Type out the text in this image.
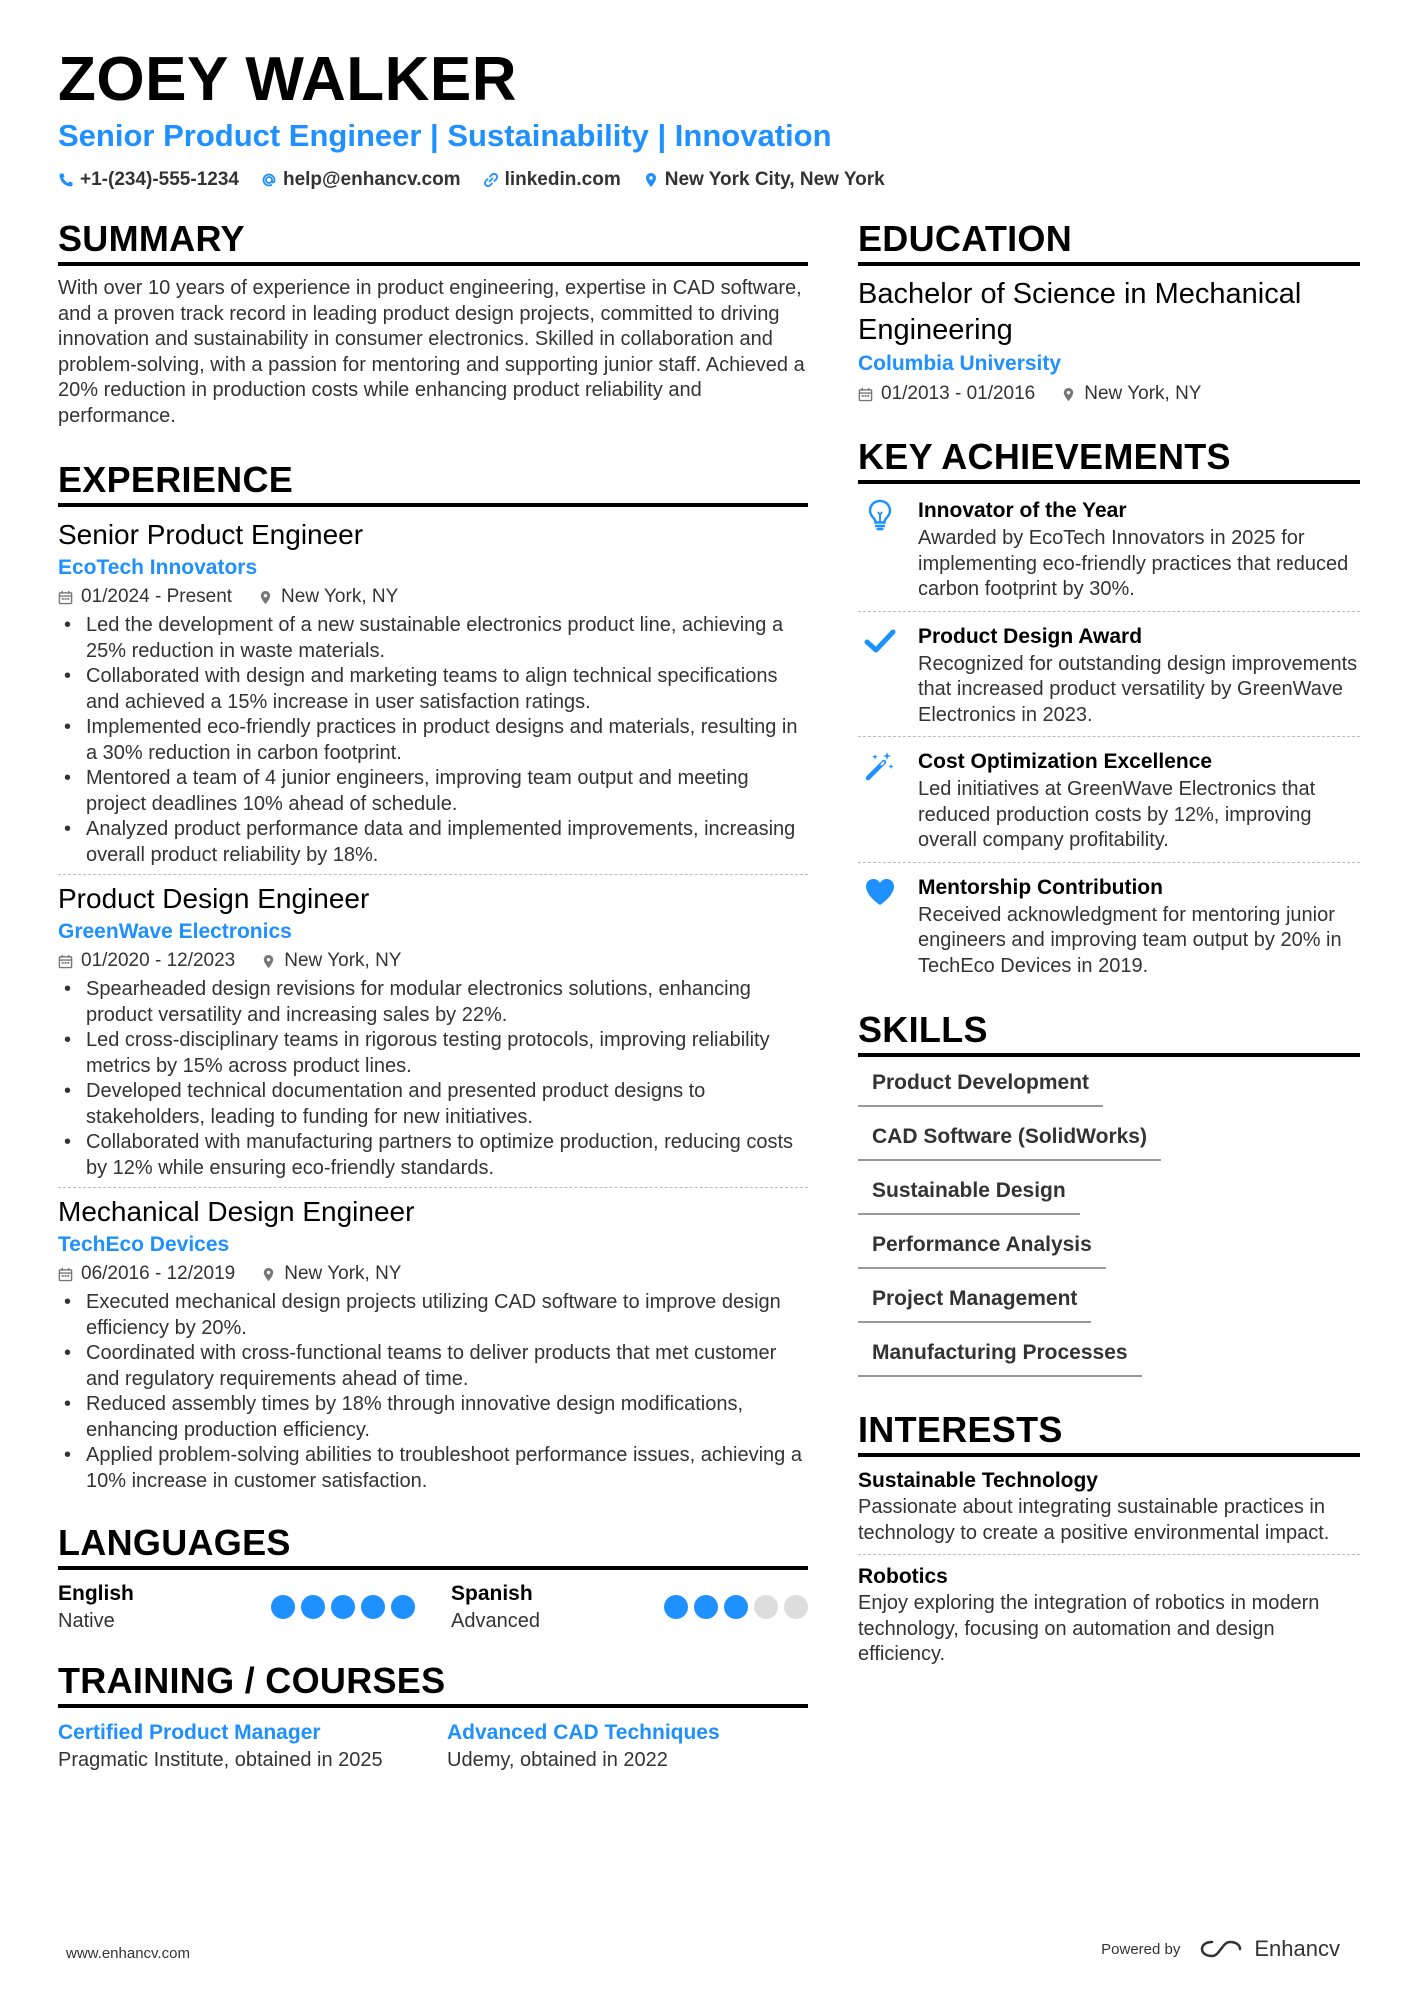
ZOEY WALKER
Senior Product Engineer | Sustainability | Innovation
+1-(234)-555-1234 help@enhancv.com linkedin.com New York City, New York
SUMMARY

With over 10 years of experience in product engineering, expertise in CAD software, and a proven track record in leading product design projects, committed to driving innovation and sustainability in consumer electronics. Skilled in collaboration and problem-solving, with a passion for mentoring and supporting junior staff. Achieved a 20% reduction in production costs while enhancing product reliability and performance.

EXPERIENCE
Senior Product Engineer
EcoTech Innovators
01/2024 - Present	New York, NY
• Led the development of a new sustainable electronics product line, achieving a 25% reduction in waste materials.
• Collaborated with design and marketing teams to align technical specifications and achieved a 15% increase in user satisfaction ratings.
• Implemented eco-friendly practices in product designs and materials, resulting in a 30% reduction in carbon footprint.
• Mentored a team of 4 junior engineers, improving team output and meeting project deadlines 10% ahead of schedule.
• Analyzed product performance data and implemented improvements, increasing overall product reliability by 18%.
Product Design Engineer
GreenWave Electronics
01/2020 - 12/2023	New York, NY
• Spearheaded design revisions for modular electronics solutions, enhancing product versatility and increasing sales by 22%.
• Led cross-disciplinary teams in rigorous testing protocols, improving reliability metrics by 15% across product lines.
• Developed technical documentation and presented product designs to stakeholders, leading to funding for new initiatives.
• Collaborated with manufacturing partners to optimize production, reducing costs by 12% while ensuring eco-friendly standards.
Mechanical Design Engineer
TechEco Devices
06/2016 - 12/2019	New York, NY
• Executed mechanical design projects utilizing CAD software to improve design efficiency by 20%.
• Coordinated with cross-functional teams to deliver products that met customer and regulatory requirements ahead of time.
• Reduced assembly times by 18% through innovative design modifications, enhancing production efficiency.
• Applied problem-solving abilities to troubleshoot performance issues, achieving a 10% increase in customer satisfaction.
LANGUAGES
English
Native
Spanish
Advanced
TRAINING / COURSES
Certified Product Manager
Pragmatic Institute, obtained in 2025
Advanced CAD Techniques
Udemy, obtained in 2022
EDUCATION
Bachelor of Science in Mechanical Engineering
Columbia University
01/2013 - 01/2016	New York, NY
KEY ACHIEVEMENTS
Innovator of the Year
Awarded by EcoTech Innovators in 2025 for implementing eco-friendly practices that reduced carbon footprint by 30%.
Product Design Award
Recognized for outstanding design improvements that increased product versatility by GreenWave Electronics in 2023.
Cost Optimization Excellence
Led initiatives at GreenWave Electronics that reduced production costs by 12%, improving overall company profitability.
Mentorship Contribution
Received acknowledgment for mentoring junior engineers and improving team output by 20% in TechEco Devices in 2019.
SKILLS
Product Development
CAD Software (SolidWorks)
Sustainable Design
Performance Analysis
Project Management
Manufacturing Processes
INTERESTS
Sustainable Technology
Passionate about integrating sustainable practices in technology to create a positive environmental impact.
Robotics
Enjoy exploring the integration of robotics in modern technology, focusing on automation and design efficiency.
www.enhancv.com	Powered by	Enhancv
